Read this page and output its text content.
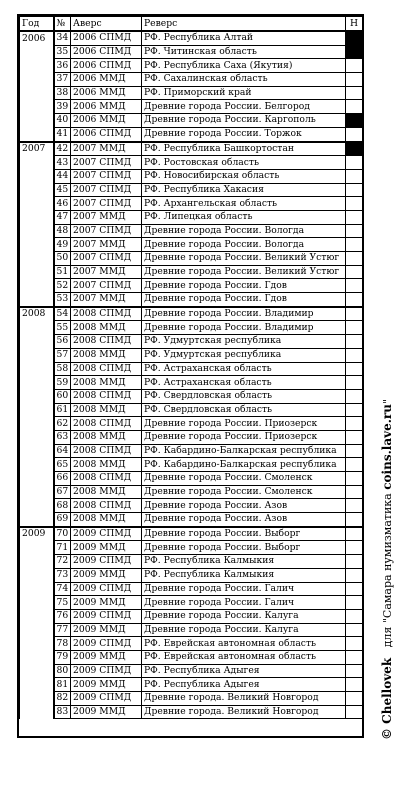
Год	№	Аверс	Реверс	Н
2006	34	2006 СПМД	РФ. Республика Алтай	
	35	2006 СПМД	РФ. Читинская область	
	36	2006 СПМД	РФ. Республика Саха (Якутия)	
	37	2006 ММД	РФ. Сахалинская область	
	38	2006 ММД	РФ. Приморский край	
	39	2006 ММД	Древние города России. Белгород	
	40	2006 ММД	Древние города России. Каргополь	
	41	2006 СПМД	Древние города России. Торжок	
2007	42	2007 ММД	РФ. Республика Башкортостан	
	43	2007 СПМД	РФ. Ростовская область	
	44	2007 СПМД	РФ. Новосибирская область	
	45	2007 СПМД	РФ. Республика Хакасия	
	46	2007 СПМД	РФ. Архангельская область	
	47	2007 ММД	РФ. Липецкая область	
	48	2007 СПМД	Древние города России. Вологда	
	49	2007 ММД	Древние города России. Вологда	
	50	2007 СПМД	Древние города России. Великий Устюг	
	51	2007 ММД	Древние города России. Великий Устюг	
	52	2007 СПМД	Древние города России. Гдов	
	53	2007 ММД	Древние города России. Гдов	
2008	54	2008 СПМД	Древние города России. Владимир	
	55	2008 ММД	Древние города России. Владимир	
	56	2008 СПМД	РФ. Удмуртская республика	
	57	2008 ММД	РФ. Удмуртская республика	
	58	2008 СПМД	РФ. Астраханская область	
	59	2008 ММД	РФ. Астраханская область	
	60	2008 СПМД	РФ. Свердловская область	
	61	2008 ММД	РФ. Свердловская область	
	62	2008 СПМД	Древние города России. Приозерск	
	63	2008 ММД	Древние города России. Приозерск	
	64	2008 СПМД	РФ. Кабардино-Балкарская республика	
	65	2008 ММД	РФ. Кабардино-Балкарская республика	
	66	2008 СПМД	Древние города России. Смоленск	
	67	2008 ММД	Древние города России. Смоленск	
	68	2008 СПМД	Древние города России. Азов	
	69	2008 ММД	Древние города России. Азов	
2009	70	2009 СПМД	Древние города России. Выборг	
	71	2009 ММД	Древние города России. Выборг	
	72	2009 СПМД	РФ. Республика Калмыкия	
	73	2009 ММД	РФ. Республика Калмыкия	
	74	2009 СПМД	Древние города России. Галич	
	75	2009 ММД	Древние города России. Галич	
	76	2009 СПМД	Древние города России. Калуга	
	77	2009 ММД	Древние города России. Калуга	
	78	2009 СПМД	РФ. Еврейская автономная область	
	79	2009 ММД	РФ. Еврейская автономная область	
	80	2009 СПМД	РФ. Республика Адыгея	
	81	2009 ММД	РФ. Республика Адыгея	
	82	2009 СПМД	Древние города. Великий Новгород	
	83	2009 ММД	Древние города. Великий Новгород		© Chellovek   для "Самара нумизматика coins.lave.ru"
